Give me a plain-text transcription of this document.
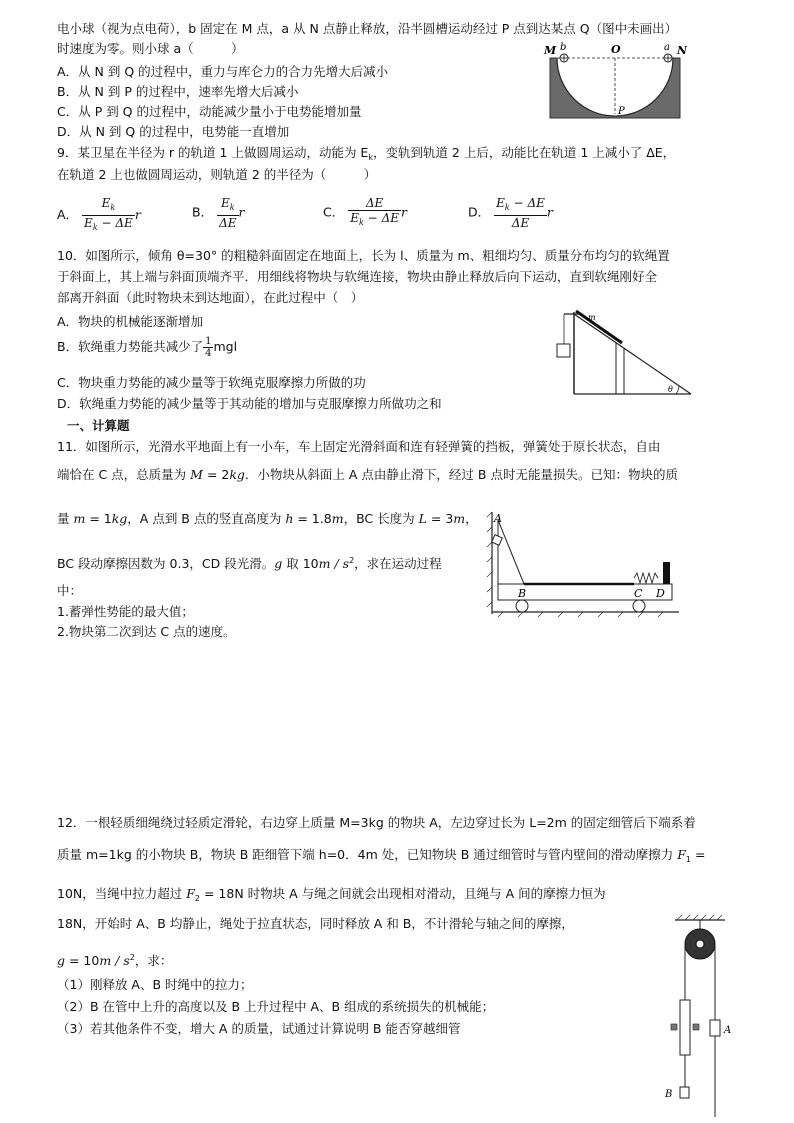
电小球（视为点电荷），b 固定在 M 点，a 从 N 点静止释放，沿半圆槽运动经过 P 点到达某点 Q（图中未画出）
时速度为零。则小球 a（　　　）
A．从 N 到 Q 的过程中，重力与库仑力的合力先增大后减小
B．从 N 到 P 的过程中，速率先增大后减小
C．从 P 到 Q 的过程中，动能减少量小于电势能增加量
D．从 N 到 Q 的过程中，电势能一直增加
M b	O	a N
P
9．某卫星在半径为 r 的轨道 1 上做圆周运动，动能为 $E_k$，变轨到轨道 2 上后，动能比在轨道 1 上减小了 ΔE，
在轨道 2 上也做圆周运动，则轨道 2 的半径为（　　　）
A． $\frac{E_k}{E_k - \Delta E}$ r	B． $\frac{E_k}{\Delta E}$ r	C． $\frac{\Delta E}{E_k - \Delta E}$ r	D． $\frac{E_k - \Delta E}{\Delta E}$ r
10．如图所示，倾角 θ=30° 的粗糙斜面固定在地面上，长为 l、质量为 m、粗细均匀、质量分布均匀的软绳置
于斜面上，其上端与斜面顶端齐平．用细线将物块与软绳连接，物块由静止释放后向下运动，直到软绳刚好全
部离开斜面（此时物块未到达地面），在此过程中（　）
A．物块的机械能逐渐增加
B．软绳重力势能共减少了 $\frac{1}{4}$ mgl
C．物块重力势能的减少量等于软绳克服摩擦力所做的功
D．软绳重力势能的减少量等于其动能的增加与克服摩擦力所做功之和
m
θ
一、计算题
11．如图所示，光滑水平地面上有一小车，车上固定光滑斜面和连有轻弹簧的挡板，弹簧处于原长状态，自由
端恰在 C 点，总质量为 M = 2kg．小物块从斜面上 A 点由静止滑下，经过 B 点时无能量损失。已知：物块的质
量 m = 1kg，A 点到 B 点的竖直高度为 h = 1.8m，BC 长度为 L = 3m，
BC 段动摩擦因数为 0.3，CD 段光滑。g 取 $10m / s^2$，求在运动过程
中：
1.蓄弹性势能的最大值；
2.物块第二次到达 C 点的速度。
A
B	C D
12．一根轻质细绳绕过轻质定滑轮，右边穿上质量 M=3kg 的物块 A，左边穿过长为 L=2m 的固定细管后下端系着
质量 m=1kg 的小物块 B，物块 B 距细管下端 h=0．4m 处，已知物块 B 通过细管时与管内壁间的滑动摩擦力 $F_1$ =
10N，当绳中拉力超过 $F_2 = 18N$ 时物块 A 与绳之间就会出现相对滑动，且绳与 A 间的摩擦力恒为
18N，开始时 A、B 均静止，绳处于拉直状态，同时释放 A 和 B，不计滑轮与轴之间的摩擦，
$g = 10m / s^2$，求：
（1）刚释放 A、B 时绳中的拉力；
（2）B 在管中上升的高度以及 B 上升过程中 A、B 组成的系统损失的机械能；
（3）若其他条件不变，增大 A 的质量，试通过计算说明 B 能否穿越细管	A
B
